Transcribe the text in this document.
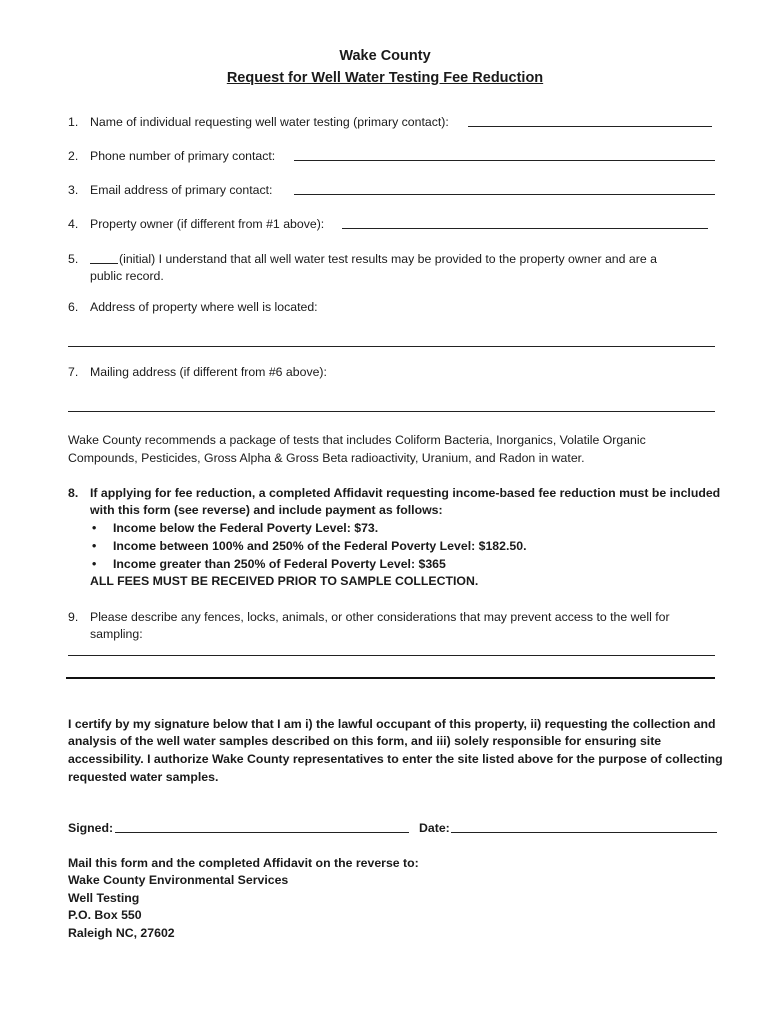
Wake County
Request for Well Water Testing Fee Reduction
1. Name of individual requesting well water testing (primary contact):
2. Phone number of primary contact:
3. Email address of primary contact:
4. Property owner (if different from #1 above):
5.	(initial) I understand that all well water test results may be provided to the property owner and are a
public record.
6. Address of property where well is located:
7. Mailing address (if different from #6 above):
Wake County recommends a package of tests that includes Coliform Bacteria, Inorganics, Volatile Organic
Compounds, Pesticides, Gross Alpha & Gross Beta radioactivity, Uranium, and Radon in water.
8. If applying for fee reduction, a completed Affidavit requesting income-based fee reduction must be included
with this form (see reverse) and include payment as follows:
• Income below the Federal Poverty Level: $73.
• Income between 100% and 250% of the Federal Poverty Level: $182.50.
• Income greater than 250% of Federal Poverty Level: $365
ALL FEES MUST BE RECEIVED PRIOR TO SAMPLE COLLECTION.
9. Please describe any fences, locks, animals, or other considerations that may prevent access to the well for
sampling:
I certify by my signature below that I am i) the lawful occupant of this property, ii) requesting the collection and
analysis of the well water samples described on this form, and iii) solely responsible for ensuring site
accessibility. I authorize Wake County representatives to enter the site listed above for the purpose of collecting
requested water samples.
Signed:	Date:
Mail this form and the completed Affidavit on the reverse to:
Wake County Environmental Services
Well Testing
P.O. Box 550
Raleigh NC, 27602
